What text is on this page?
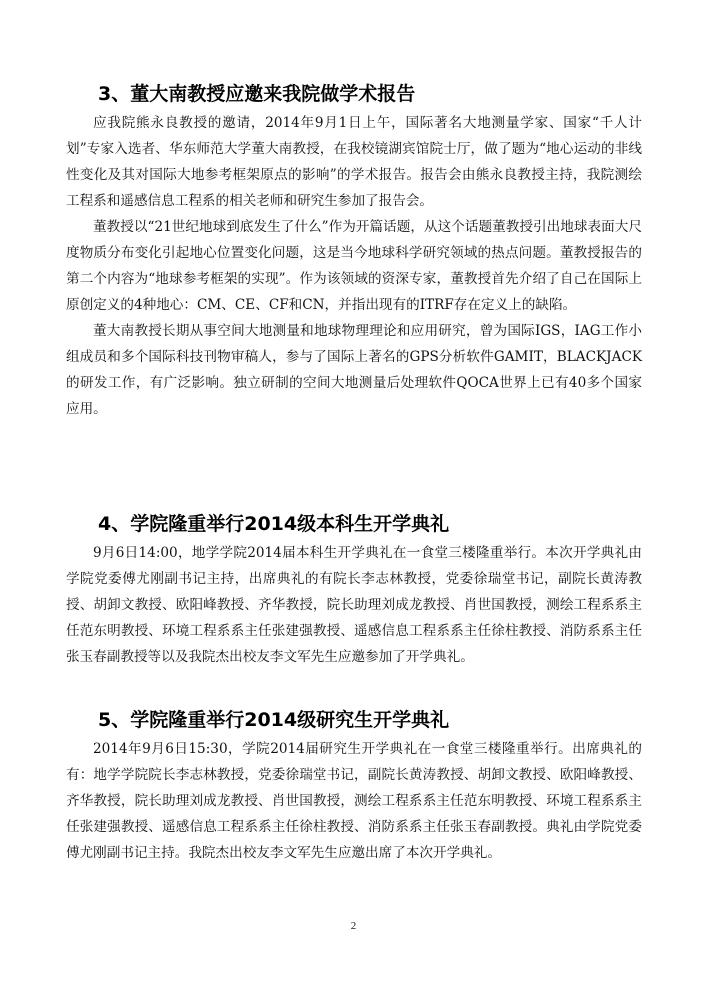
3、董大南教授应邀来我院做学术报告

应我院熊永良教授的邀请，2014年9月1日上午，国际著名大地测量学家、国家“千人计划”专家入选者、华东师范大学董大南教授，在我校镜湖宾馆院士厅，做了题为“地心运动的非线性变化及其对国际大地参考框架原点的影响”的学术报告。报告会由熊永良教授主持，我院测绘工程系和遥感信息工程系的相关老师和研究生参加了报告会。

董教授以“21世纪地球到底发生了什么”作为开篇话题，从这个话题董教授引出地球表面大尺度物质分布变化引起地心位置变化问题，这是当今地球科学研究领域的热点问题。董教授报告的第二个内容为“地球参考框架的实现”。作为该领域的资深专家，董教授首先介绍了自己在国际上原创定义的4种地心：CM、CE、CF和CN，并指出现有的ITRF存在定义上的缺陷。

董大南教授长期从事空间大地测量和地球物理理论和应用研究，曾为国际IGS，IAG工作小组成员和多个国际科技刊物审稿人，参与了国际上著名的GPS分析软件GAMIT，BLACKJACK的研发工作，有广泛影响。独立研制的空间大地测量后处理软件QOCA世界上已有40多个国家应用。

4、学院隆重举行2014级本科生开学典礼

9月6日14:00，地学学院2014届本科生开学典礼在一食堂三楼隆重举行。本次开学典礼由学院党委傅尤刚副书记主持，出席典礼的有院长李志林教授，党委徐瑞堂书记，副院长黄涛教授、胡卸文教授、欧阳峰教授、齐华教授，院长助理刘成龙教授、肖世国教授，测绘工程系系主任范东明教授、环境工程系系主任张建强教授、遥感信息工程系系主任徐柱教授、消防系系主任张玉春副教授等以及我院杰出校友李文军先生应邀参加了开学典礼。

5、学院隆重举行2014级研究生开学典礼

2014年9月6日15:30，学院2014届研究生开学典礼在一食堂三楼隆重举行。出席典礼的有：地学学院院长李志林教授，党委徐瑞堂书记，副院长黄涛教授、胡卸文教授、欧阳峰教授、齐华教授，院长助理刘成龙教授、肖世国教授，测绘工程系系主任范东明教授、环境工程系系主任张建强教授、遥感信息工程系系主任徐柱教授、消防系系主任张玉春副教授。典礼由学院党委傅尤刚副书记主持。我院杰出校友李文军先生应邀出席了本次开学典礼。

2
